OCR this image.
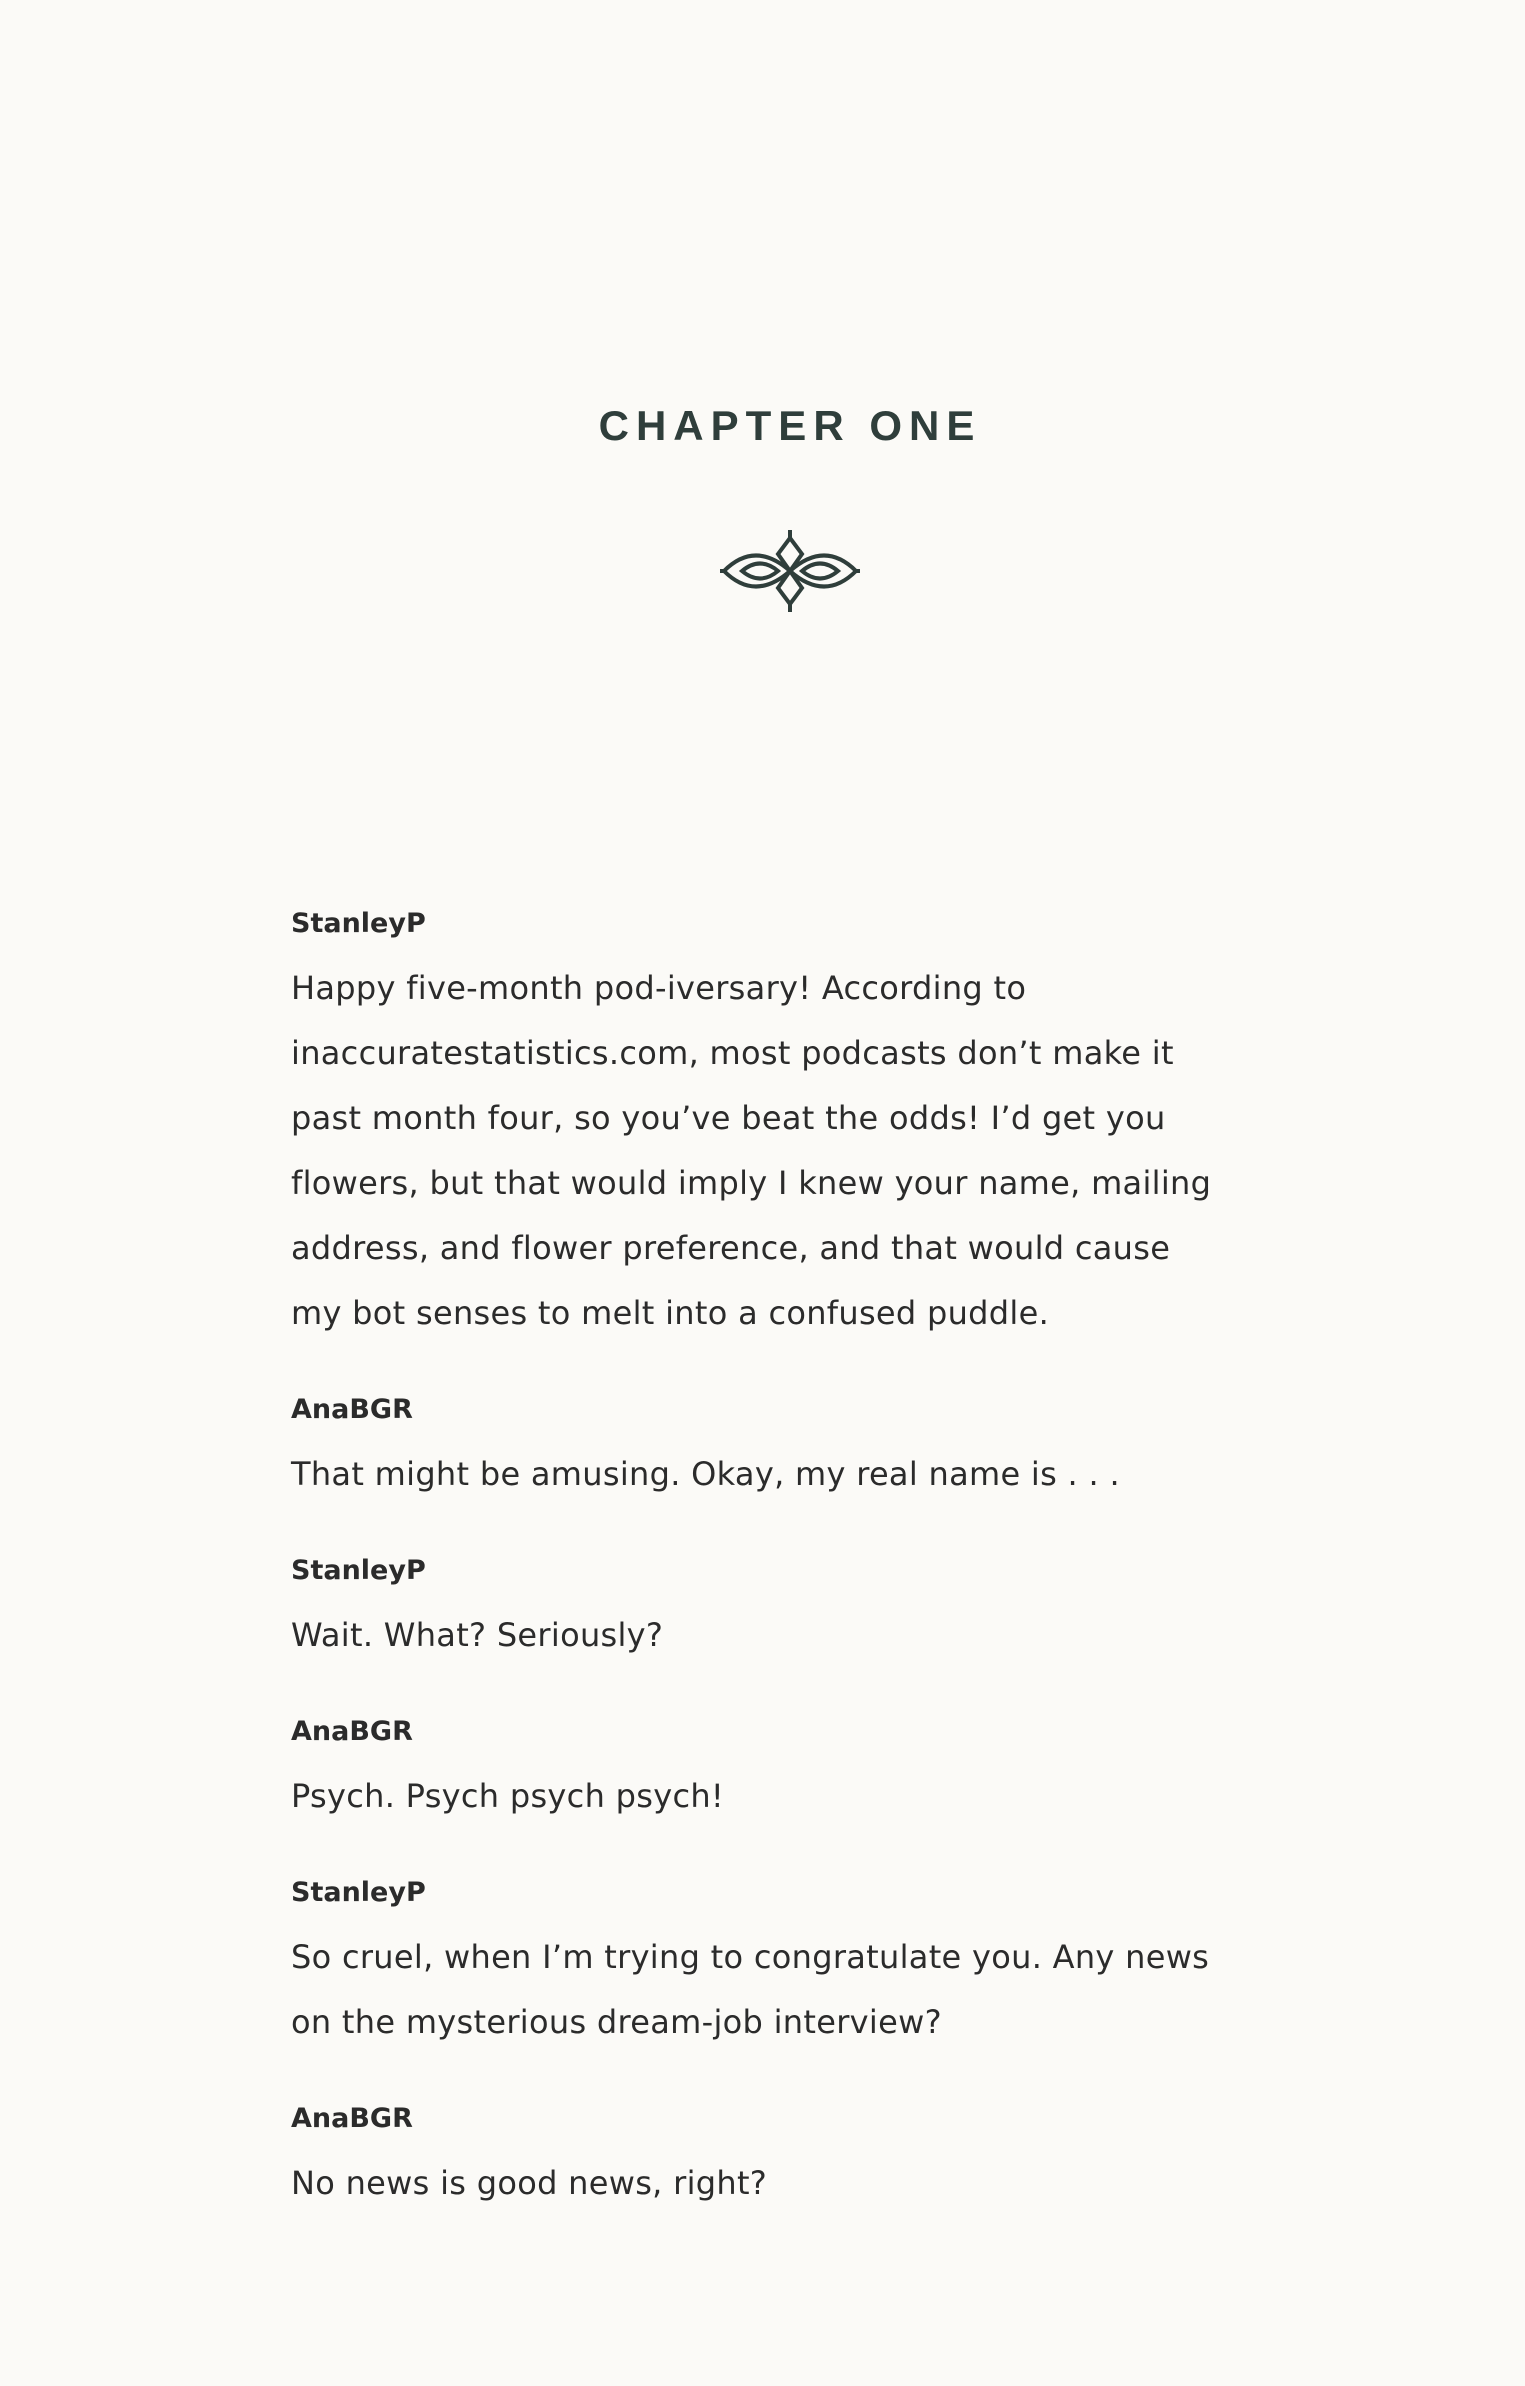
CHAPTER ONE
StanleyP
Happy five-month pod-iversary! According to
inaccuratestatistics.com, most podcasts don’t make it
past month four, so you’ve beat the odds! I’d get you
flowers, but that would imply I knew your name, mailing
address, and flower preference, and that would cause
my bot senses to melt into a confused puddle.
AnaBGR
That might be amusing. Okay, my real name is . . .
StanleyP
Wait. What? Seriously?
AnaBGR
Psych. Psych psych psych!
StanleyP
So cruel, when I’m trying to congratulate you. Any news
on the mysterious dream-job interview?
AnaBGR
No news is good news, right?
